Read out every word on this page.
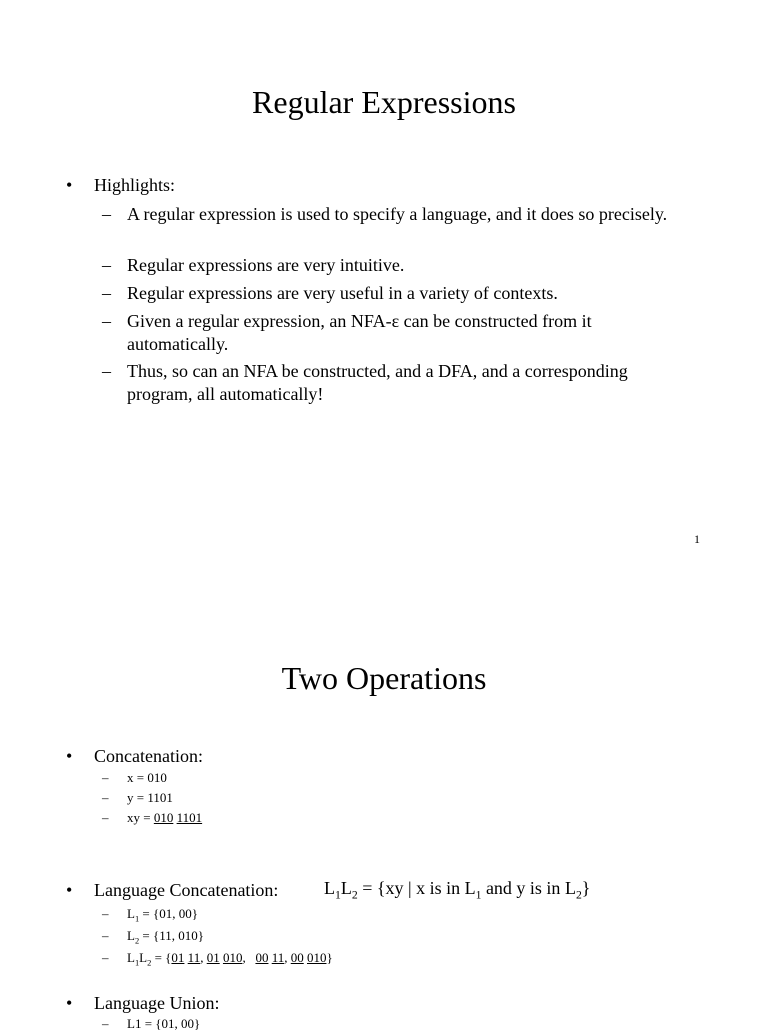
Regular Expressions
•	Highlights:
– A regular expression is used to specify a language, and it does so precisely.
– Regular expressions are very intuitive.
– Regular expressions are very useful in a variety of contexts.
– Given a regular expression, an NFA-ε can be constructed from it automatically.
– Thus, so can an NFA be constructed, and a DFA, and a corresponding program, all automatically!
1
Two Operations
•	Concatenation:
– x = 010
– y = 1101
– xy = 010 1101
•	Language Concatenation:	$L_1L_2 = \{xy$ | x is in $L_1$ and y is in $L_2$}
– $L_1 = \{01$, 00}
– $L_2 = \{11$, 010}
– $L_1L_2 = \{01$ 11, 01 010,   00 11, 00 010}
•	Language Union:
– L1 = {01, 00}
